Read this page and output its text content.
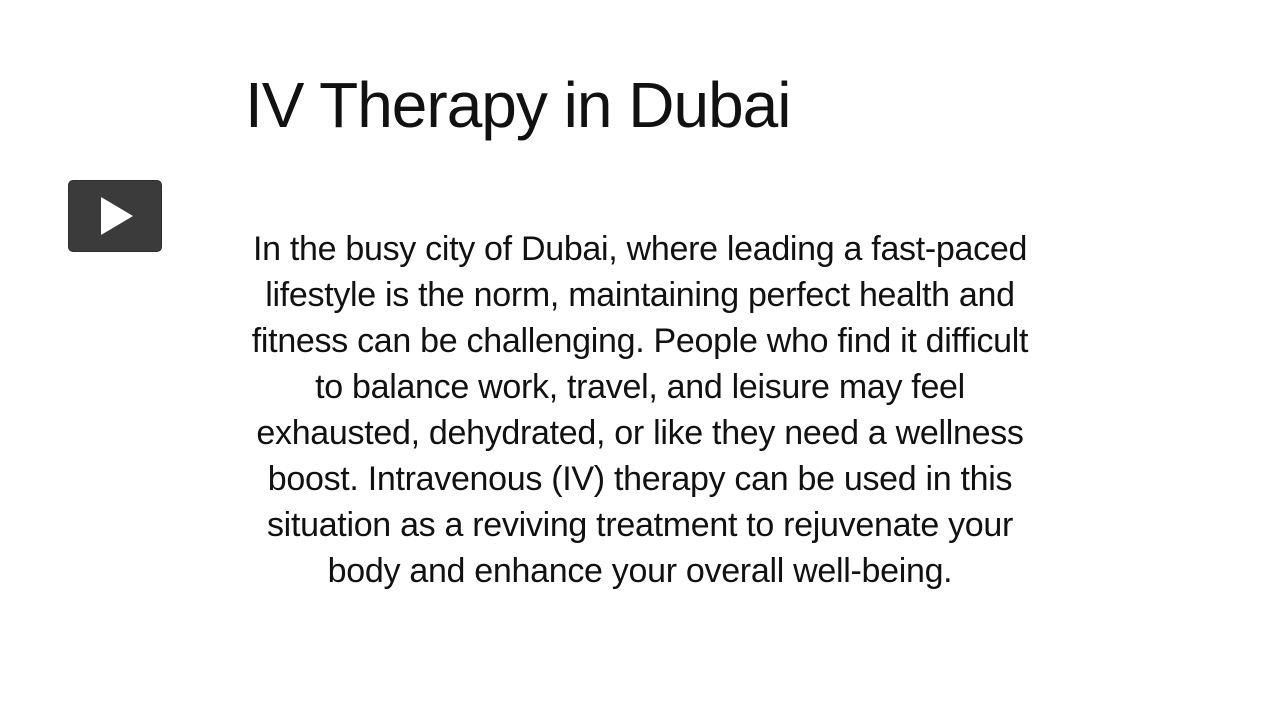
IV Therapy in Dubai
In the busy city of Dubai, where leading a fast-paced
lifestyle is the norm, maintaining perfect health and
fitness can be challenging. People who find it difficult
to balance work, travel, and leisure may feel
exhausted, dehydrated, or like they need a wellness
boost. Intravenous (IV) therapy can be used in this
situation as a reviving treatment to rejuvenate your
body and enhance your overall well-being.
